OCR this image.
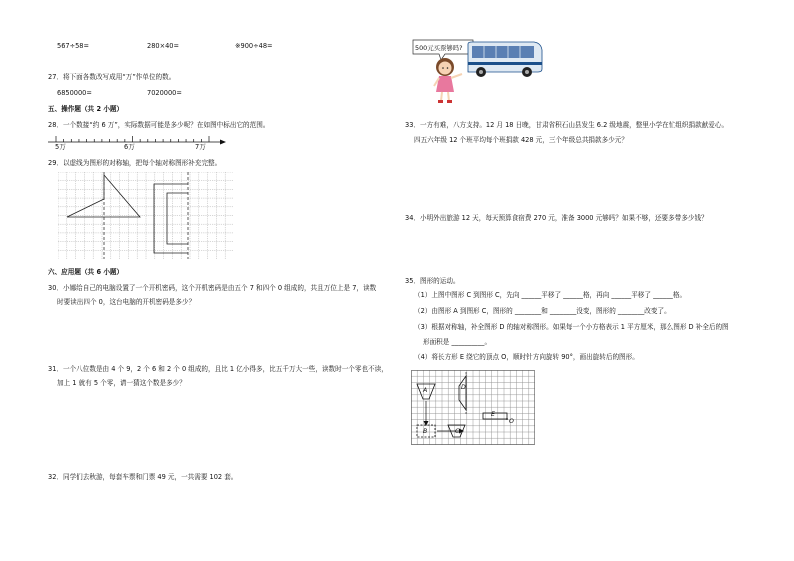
567÷58=	280×40=	※900÷48=
27．将下面各数改写成用“万”作单位的数。
6850000=	7020000=
五、操作题（共 2 小题）
28．一个数接“约 6 万”，实际数据可能是多少呢？在如图中标出它的范围。
5万	6万	7万
29．以虚线为图形的对称轴，把每个轴对称图形补充完整。
六、应用题（共 6 小题）
30．小娜给自己的电脑设置了一个开机密码，这个开机密码是由五个 7 和四个 0 组成的，共且万位上是 7，读数
时要读出四个 0，这台电脑的开机密码是多少？
31．一个八位数是由 4 个 9，2 个 6 和 2 个 0 组成的，且比 1 亿小得多，比五千万大一些，读数时一个零也不读，
加上 1 就有 5 个零，请一猜这个数是多少？
32．同学们去秋游，每套车票和门票 49 元，一共需要 102 套。
500元买票够吗?
33．一方有难，八方支持。12 月 18 日晚，甘肃省积石山县发生 6.2 级地震，整里小学在忙组织捐款献爱心。
四五六年级 12 个班平均每个班捐款 428 元，三个年级总共捐款多少元？
34．小明外出旅游 12 天，每天预算食宿费 270 元，准备 3000 元够吗？如果不够，还要多带多少钱？
35．图形的运动。
（1）上图中图形 C 到图形 C，先向 ______平移了 ______格，再向 ______平移了 ______格。
（2）由图形 A 到图形 C，图形的 ________和 ________没变，图形的 ________改变了。
（3）根据对称轴，补全图形 D 的轴对称图形。如果每一个小方格表示 1 平方厘米，那么图形 D 补全后的图
形面积是 __________。
（4）将长方形 E 绕它的顶点 O，顺时针方向旋转 90°，画出旋转后的图形。
A
B	C
D
E
O
